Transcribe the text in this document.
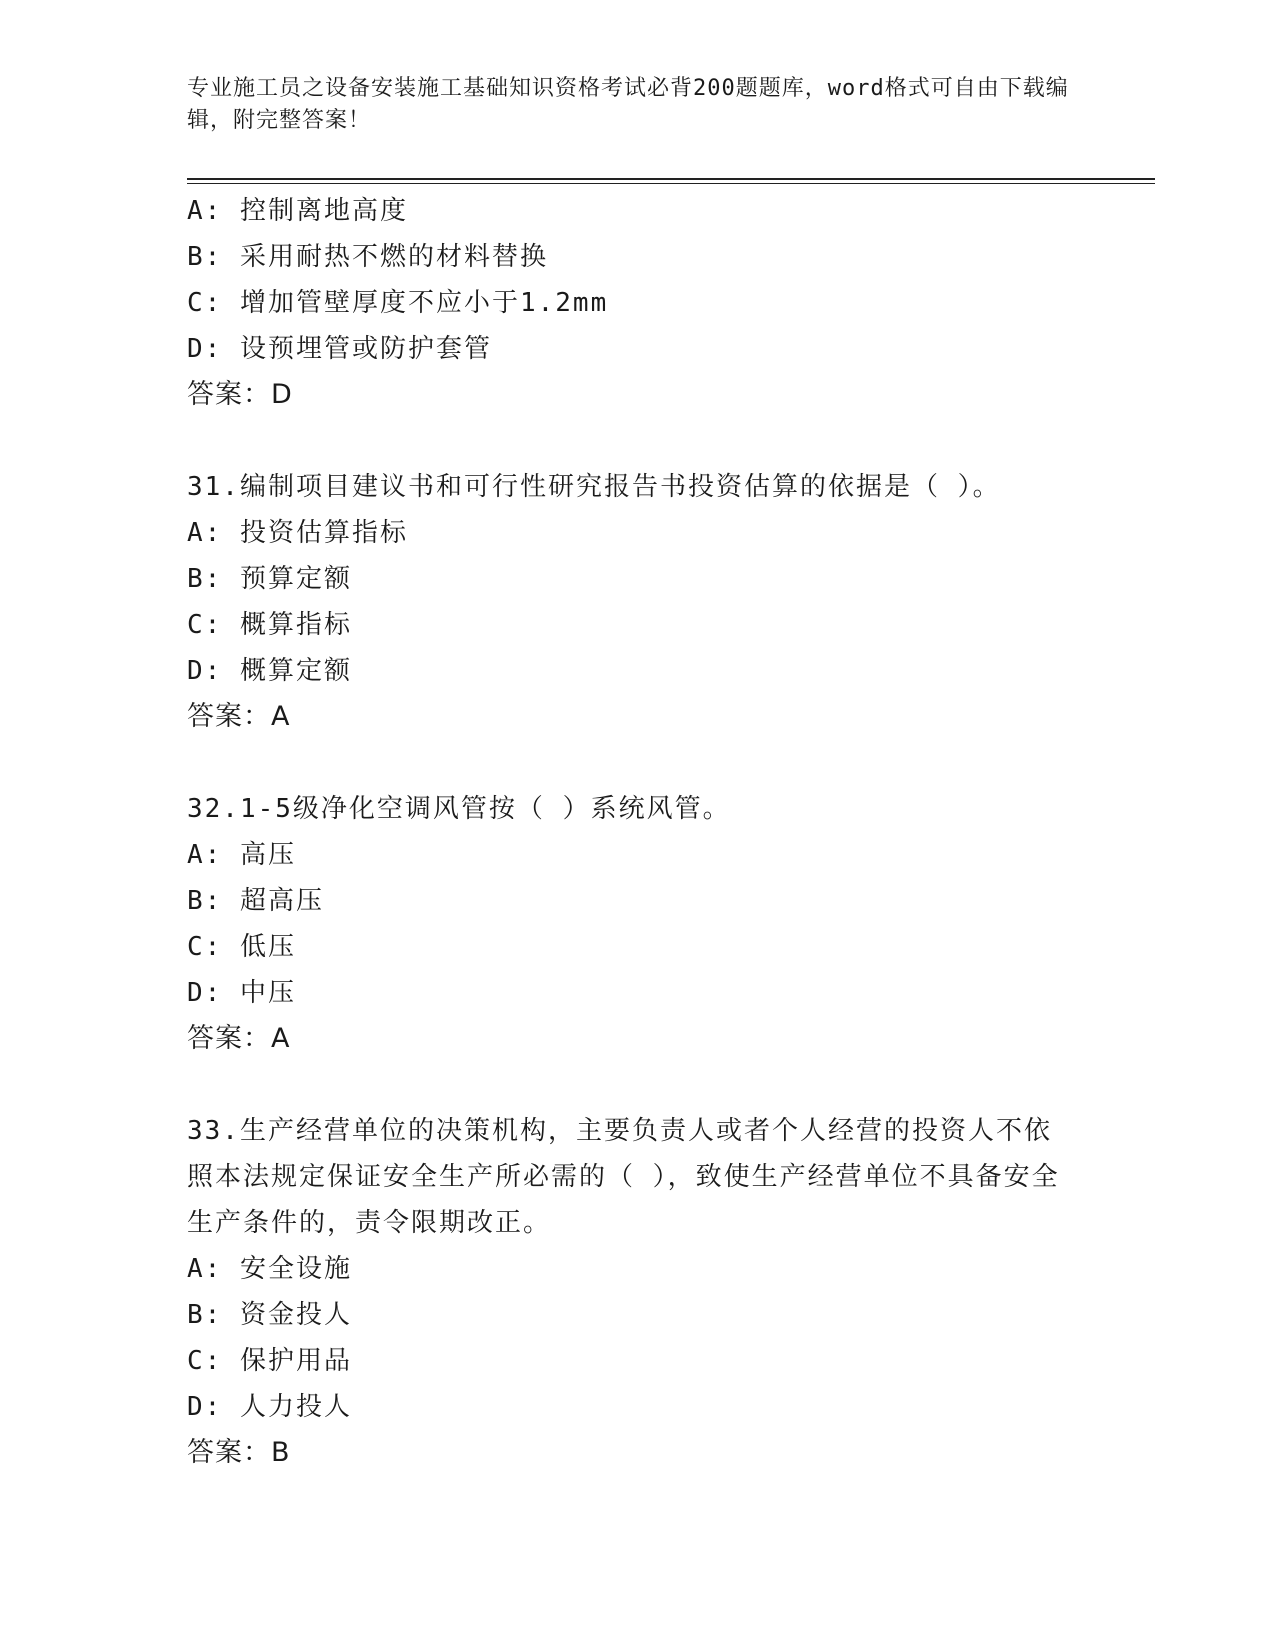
专业施工员之设备安装施工基础知识资格考试必背200题题库，word格式可自由下载编辑，附完整答案！
A: 控制离地高度
B: 采用耐热不燃的材料替换
C: 增加管壁厚度不应小于1.2mm
D: 设预埋管或防护套管
答案：D
31.编制项目建议书和可行性研究报告书投资估算的依据是（ ）。
A: 投资估算指标
B: 预算定额
C: 概算指标
D: 概算定额
答案：A
32.1-5级净化空调风管按（ ）系统风管。
A: 高压
B: 超高压
C: 低压
D: 中压
答案：A
33.生产经营单位的决策机构，主要负责人或者个人经营的投资人不依照本法规定保证安全生产所必需的（ ），致使生产经营单位不具备安全生产条件的，责令限期改正。
A: 安全设施
B: 资金投人
C: 保护用品
D: 人力投人
答案：B
